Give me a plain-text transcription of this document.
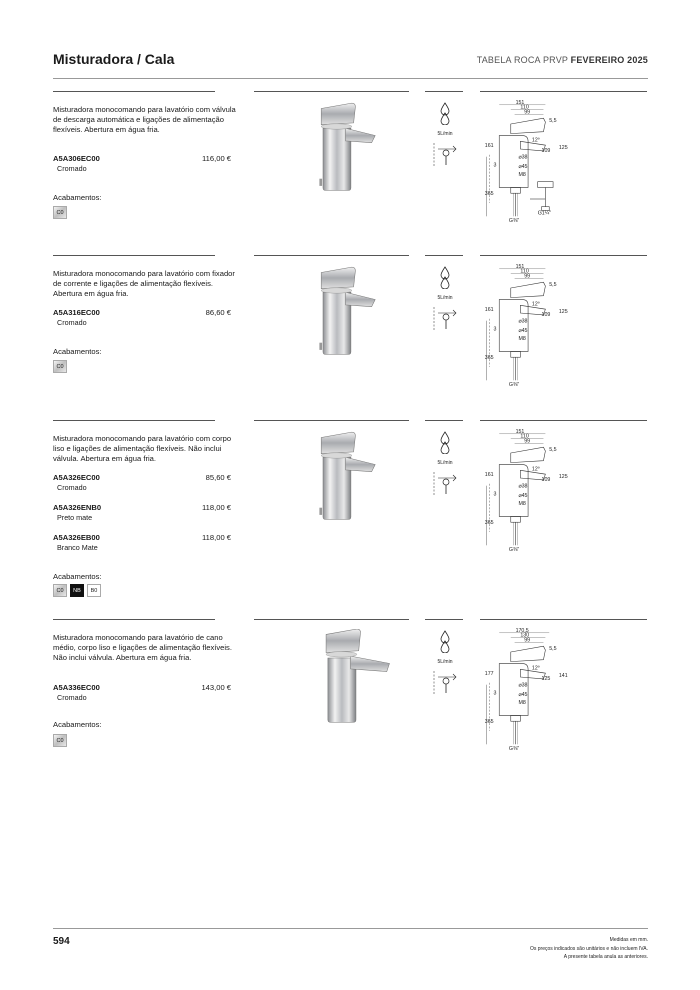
Misturadora / Cala	TABELA ROCA PRVP FEVEREIRO 2025
Misturadora monocomando para lavatório com válvula de descarga automática e ligações de alimentação flexíveis. Abertura em água fria.
A5A306EC00	116,00 €
Cromado
Acabamentos:
C0
5L/min
151
110
99
5,5
161
12°
109 125
3
⌀38
⌀45
M8
365
G⅜"
G1¼"
Misturadora monocomando para lavatório com fixador de corrente e ligações de alimentação flexíveis. Abertura em água fria.
A5A316EC00	86,60 €
Cromado
Acabamentos:
C0
5L/min
151
110
99
5,5
161
12°
109 125
3
⌀38
⌀45
M8
365
G⅜"
Misturadora monocomando para lavatório com corpo liso e ligações de alimentação flexíveis. Não inclui válvula. Abertura em água fria.
A5A326EC00	85,60 €
Cromado
A5A326ENB0	118,00 €
Preto mate
A5A326EB00	118,00 €
Branco Mate
Acabamentos:
C0	NB	B0
5L/min
151
110
99
5,5
161
12°
109 125
3
⌀38
⌀45
M8
365
G⅜"
Misturadora monocomando para lavatório de cano médio, corpo liso e ligações de alimentação flexíveis. Não inclui válvula. Abertura em água fria.
A5A336EC00	143,00 €
Cromado
Acabamentos:
C0
5L/min
170,5
130
99
5,5
177
12°
125 141
3
⌀38
⌀45
M8
365
G⅜"
594	Medidas em mm.
Os preços indicados são unitários e não incluem IVA.
A presente tabela anula as anteriores.
